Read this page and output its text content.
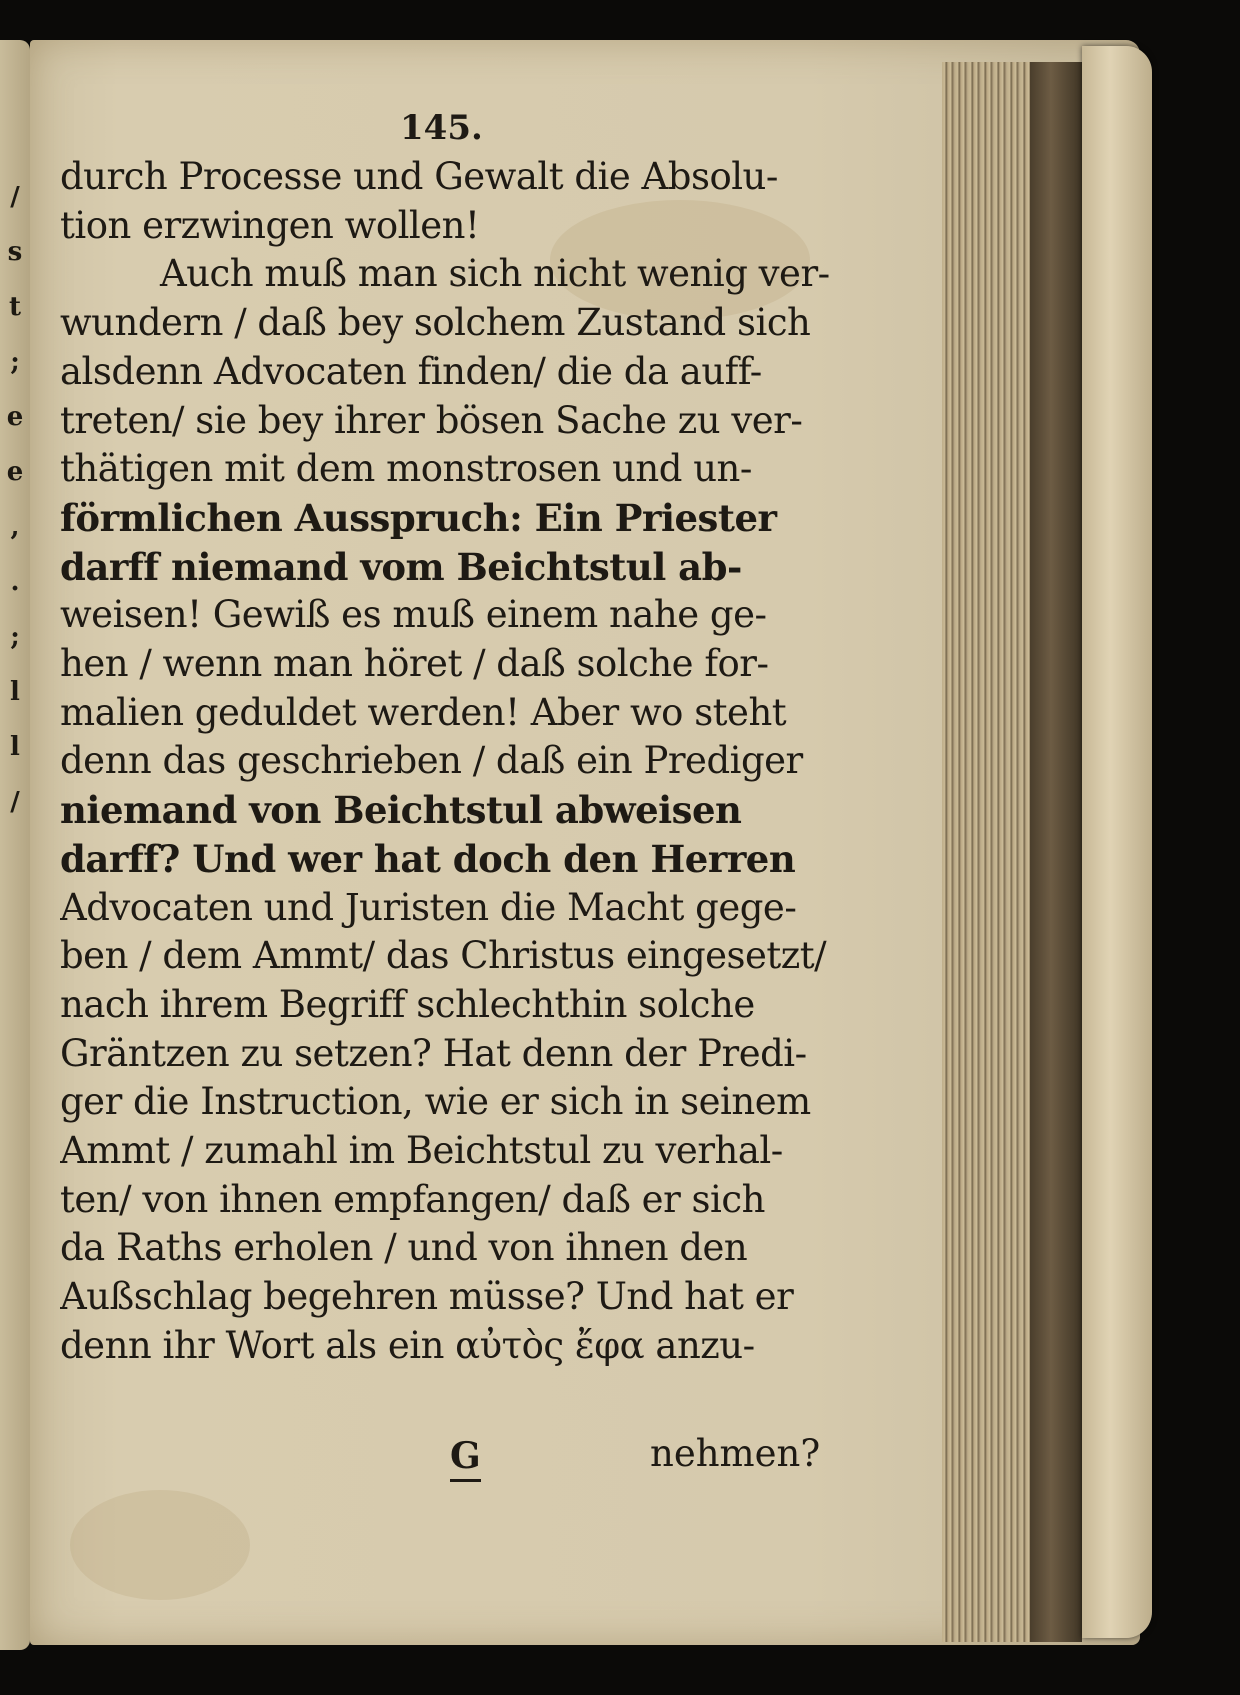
/
s
t
;
e
e
,
.
;
l
l
/
145.
durch Processe und Gewalt die Absolu-
tion erzwingen wollen!
Auch muß man sich nicht wenig ver-
wundern / daß bey solchem Zustand sich
alsdenn Advocaten finden/ die da auff-
treten/ sie bey ihrer bösen Sache zu ver-
thätigen mit dem monstrosen und un-
förmlichen Ausspruch: Ein Priester
darff niemand vom Beichtstul ab-
weisen! Gewiß es muß einem nahe ge-
hen / wenn man höret / daß solche for-
malien geduldet werden! Aber wo steht
denn das geschrieben / daß ein Prediger
niemand von Beichtstul abweisen
darff? Und wer hat doch den Herren
Advocaten und Juristen die Macht gege-
ben / dem Ammt/ das Christus eingesetzt/
nach ihrem Begriff schlechthin solche
Gräntzen zu setzen? Hat denn der Predi-
ger die Instruction, wie er sich in seinem
Ammt / zumahl im Beichtstul zu verhal-
ten/ von ihnen empfangen/ daß er sich
da Raths erholen / und von ihnen den
Außschlag begehren müsse? Und hat er
denn ihr Wort als ein αὐτὸς ἔφα anzu-
G	nehmen?
